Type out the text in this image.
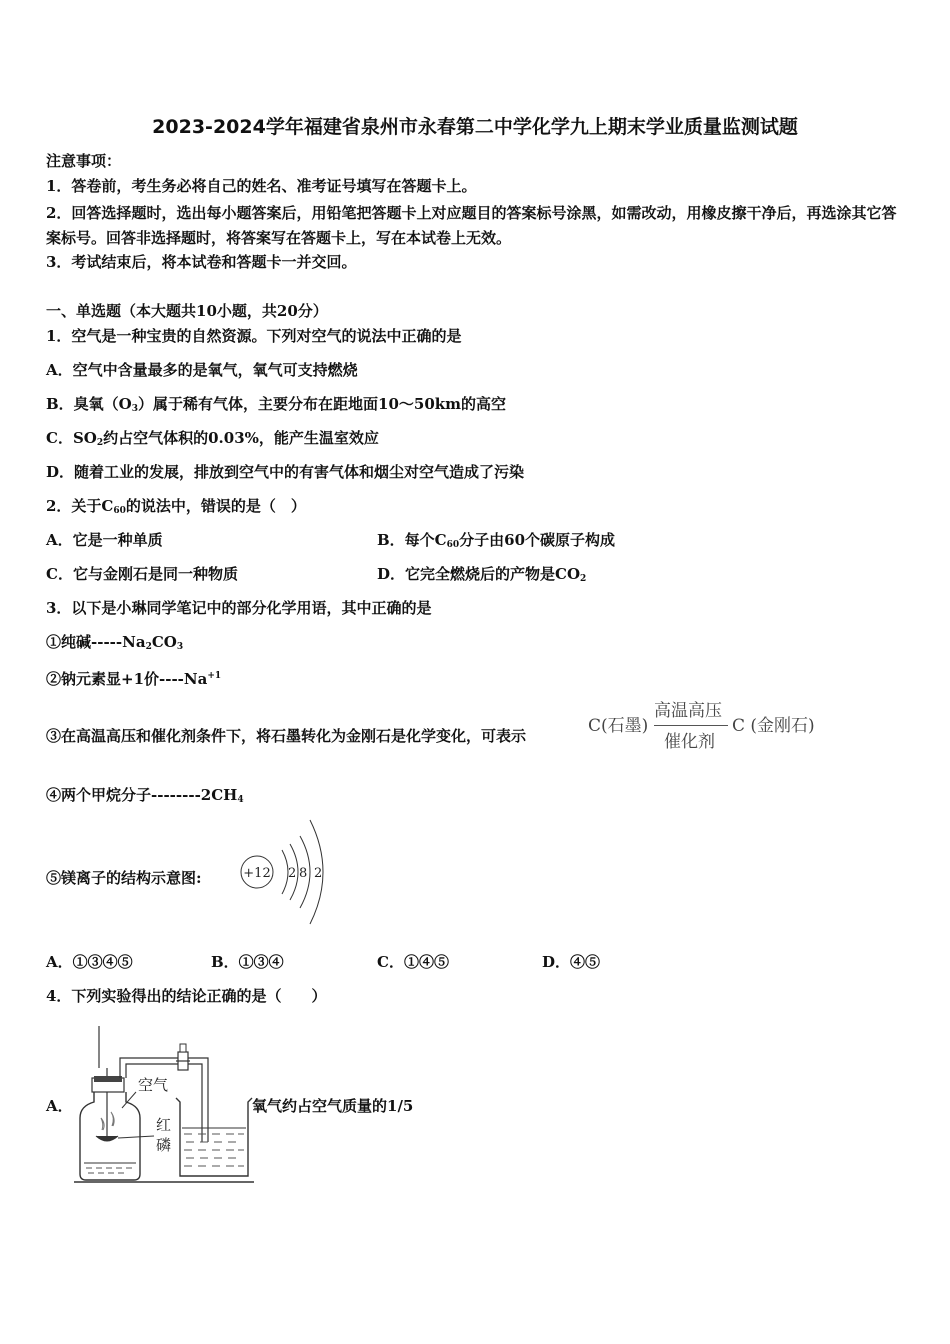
2023-2024学年福建省泉州市永春第二中学化学九上期末学业质量监测试题
注意事项：
1．答卷前，考生务必将自己的姓名、准考证号填写在答题卡上。
2．回答选择题时，选出每小题答案后，用铅笔把答题卡上对应题目的答案标号涂黑，如需改动，用橡皮擦干净后，再选涂其它答案标号。回答非选择题时，将答案写在答题卡上，写在本试卷上无效。
3．考试结束后，将本试卷和答题卡一并交回。
一、单选题（本大题共10小题，共20分）
1．空气是一种宝贵的自然资源。下列对空气的说法中正确的是
A．空气中含量最多的是氧气，氧气可支持燃烧
B．臭氧$(O_3)$属于稀有气体，主要分布在距地面10～50km的高空
C．$SO_2$约占空气体积的0.03%，能产生温室效应
D．随着工业的发展，排放到空气中的有害气体和烟尘对空气造成了污染
2．关于$C_{60}$的说法中，错误的是（　）
A．它是一种单质	B．每个$C_{60}$分子由60个碳原子构成
C．它与金刚石是同一种物质	D．它完全燃烧后的产物是$CO_2$
3．以下是小琳同学笔记中的部分化学用语，其中正确的是
①纯碱$-----Na_2CO_3$
②钠元素显+1价$----Na^{+1}$
③在高温高压和催化剂条件下，将石墨转化为金刚石是化学变化，可表示	C(石墨)
高温高压
催化剂
C (金刚石)
④两个甲烷分子$--------2CH_4$
⑤镁离子的结构示意图:	+12 2 8 2
A．①③④⑤	B．①③④	C．①④⑤	D．④⑤
4．下列实验得出的结论正确的是（　　）
A．
空气
红
磷
氧气约占空气质量的1/5
